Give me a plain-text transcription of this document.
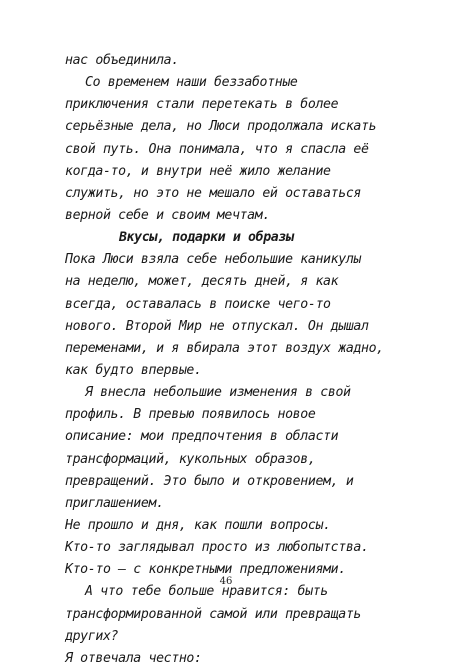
нас объединила.
Со временем наши беззаботные
приключения стали перетекать в более
серьёзные дела, но Люси продолжала искать
свой путь. Она понимала, что я спасла её
когда-то, и внутри неё жило желание
служить, но это не мешало ей оставаться
верной себе и своим мечтам.
Вкусы, подарки и образы
Пока Люси взяла себе небольшие каникулы
на неделю, может, десять дней, я как
всегда, оставалась в поиске чего-то
нового. Второй Мир не отпускал. Он дышал
переменами, и я вбирала этот воздух жадно,
как будто впервые.
Я внесла небольшие изменения в свой
профиль. В превью появилось новое
описание: мои предпочтения в области
трансформаций, кукольных образов,
превращений. Это было и откровением, и
приглашением.
Не прошло и дня, как пошли вопросы.
Кто-то заглядывал просто из любопытства.
Кто-то — с конкретными предложениями.
А что тебе больше нравится: быть
трансформированной самой или превращать
других?
Я отвечала честно:
46
